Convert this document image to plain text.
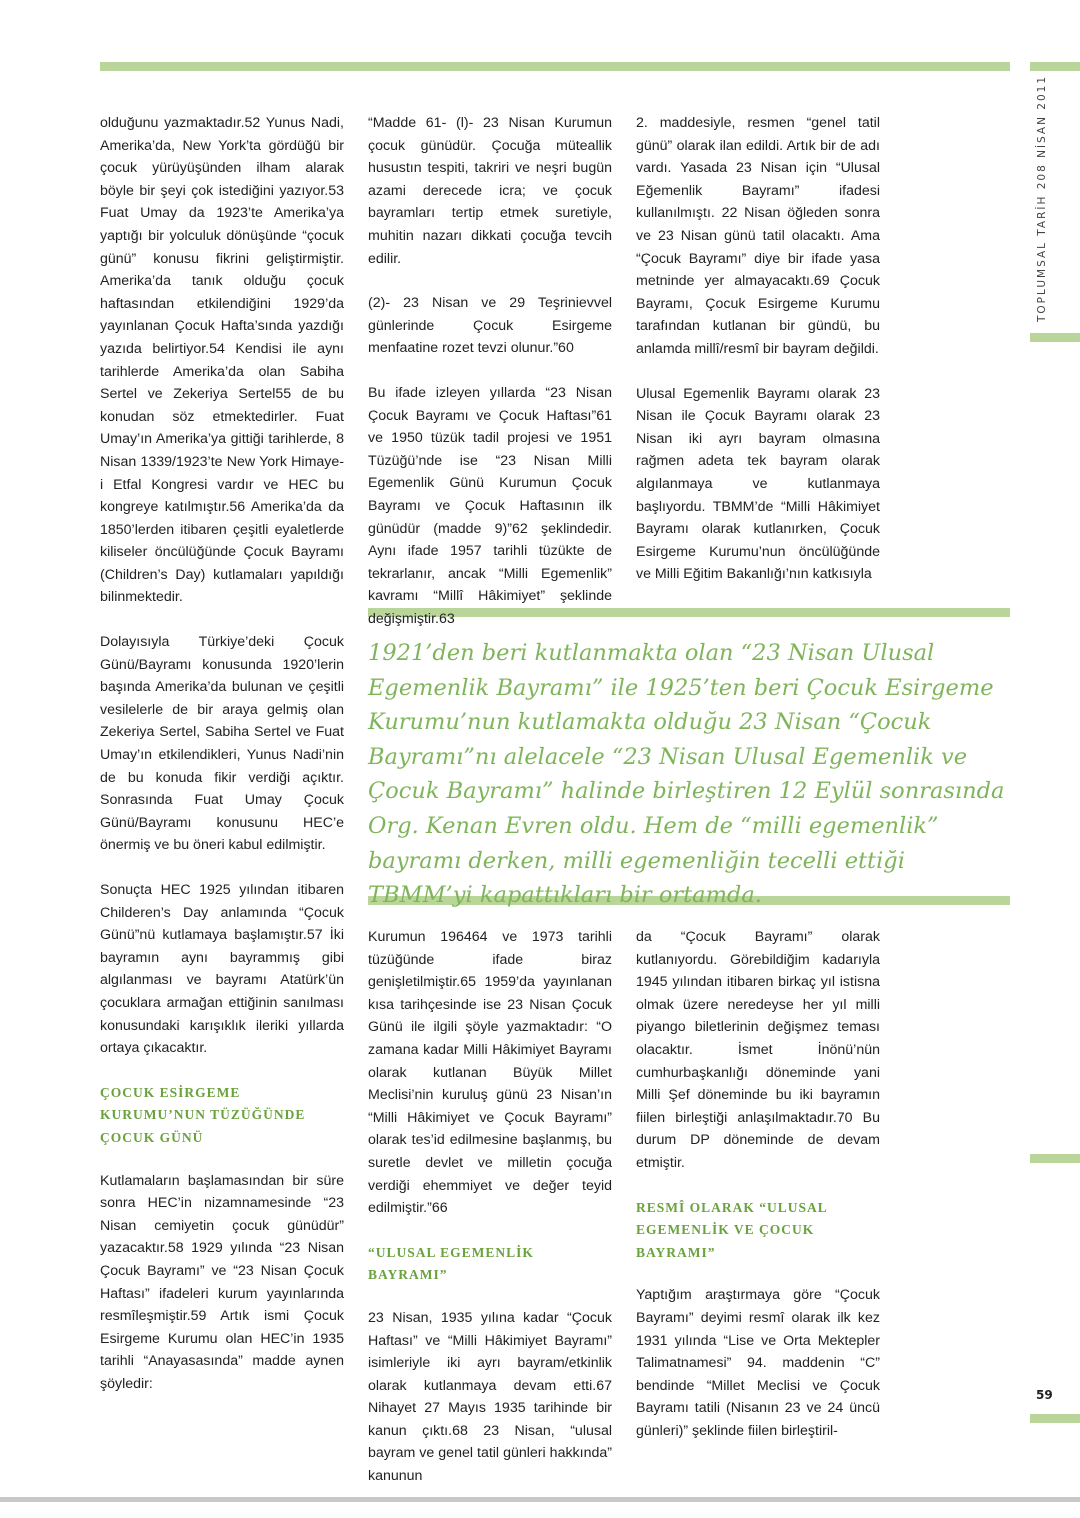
TOPLUMSAL TARİH 208 NİSAN 2011
59

olduğunu yazmaktadır.52 Yunus Nadi, Amerika’da, New York’ta gördüğü bir çocuk yürüyüşünden ilham alarak böyle bir şeyi çok istediğini yazıyor.53 Fuat Umay da 1923’te Amerika’ya yaptığı bir yolculuk dönüşünde “çocuk günü” konusu fikrini geliştirmiştir. Amerika’da tanık olduğu çocuk haftasından etkilendiğini 1929’da yayınlanan Çocuk Hafta’sında yazdığı yazıda belirtiyor.54 Kendisi ile aynı tarihlerde Amerika’da olan Sabiha Sertel ve Zekeriya Sertel55 de bu konudan söz etmektedirler. Fuat Umay’ın Amerika’ya gittiği tarihlerde, 8 Nisan 1339/1923’te New York Himaye-i Etfal Kongresi vardır ve HEC bu kongreye katılmıştır.56 Amerika’da da 1850’lerden itibaren çeşitli eyaletlerde kiliseler öncülüğünde Çocuk Bayramı (Children’s Day) kutlamaları yapıldığı bilinmektedir.

Dolayısıyla Türkiye’deki Çocuk Günü/Bayramı konusunda 1920’lerin başında Amerika’da bulunan ve çeşitli vesilelerle de bir araya gelmiş olan Zekeriya Sertel, Sabiha Sertel ve Fuat Umay’ın etkilendikleri, Yunus Nadi’nin de bu konuda fikir verdiği açıktır. Sonrasında Fuat Umay Çocuk Günü/Bayramı konusunu HEC’e önermiş ve bu öneri kabul edilmiştir.

Sonuçta HEC 1925 yılından itibaren Childeren’s Day anlamında “Çocuk Günü”nü kutlamaya başlamıştır.57 İki bayramın aynı bayrammış gibi algılanması ve bayramı Atatürk’ün çocuklara armağan ettiğinin sanılması konusundaki karışıklık ileriki yıllarda ortaya çıkacaktır.

ÇOCUK ESİRGEME KURUMU’NUN TÜZÜĞÜNDE ÇOCUK GÜNÜ

Kutlamaların başlamasından bir süre sonra HEC’in nizamnamesinde “23 Nisan cemiyetin çocuk günüdür” yazacaktır.58 1929 yılında “23 Nisan Çocuk Bayramı” ve “23 Nisan Çocuk Haftası” ifadeleri kurum yayınlarında resmîleşmiştir.59 Artık ismi Çocuk Esirgeme Kurumu olan HEC’in 1935 tarihli “Anayasasında” madde aynen şöyledir:

“Madde 61- (l)- 23 Nisan Kurumun çocuk günüdür. Çocuğa müteallik husustın tespiti, takriri ve neşri bugün azami derecede icra; ve çocuk bayramları tertip etmek suretiyle, muhitin nazarı dikkati çocuğa tevcih edilir.

(2)- 23 Nisan ve 29 Teşrinievvel günlerinde Çocuk Esirgeme menfaatine rozet tevzi olunur.”60

Bu ifade izleyen yıllarda “23 Nisan Çocuk Bayramı ve Çocuk Haftası”61 ve 1950 tüzük tadil projesi ve 1951 Tüzüğü’nde ise “23 Nisan Milli Egemenlik Günü Kurumun Çocuk Bayramı ve Çocuk Haftasının ilk günüdür (madde 9)”62 şeklindedir. Aynı ifade 1957 tarihli tüzükte de tekrarlanır, ancak “Milli Egemenlik” kavramı “Millî Hâkimiyet” şeklinde değişmiştir.63

2. maddesiyle, resmen “genel tatil günü” olarak ilan edildi. Artık bir de adı vardı. Yasada 23 Nisan için “Ulusal Eğemenlik Bayramı” ifadesi kullanılmıştı. 22 Nisan öğleden sonra ve 23 Nisan günü tatil olacaktı. Ama “Çocuk Bayramı” diye bir ifade yasa metninde yer almayacaktı.69 Çocuk Bayramı, Çocuk Esirgeme Kurumu tarafından kutlanan bir gündü, bu anlamda millî/resmî bir bayram değildi.

Ulusal Egemenlik Bayramı olarak 23 Nisan ile Çocuk Bayramı olarak 23 Nisan iki ayrı bayram olmasına rağmen adeta tek bayram olarak algılanmaya ve kutlanmaya başlıyordu. TBMM’de “Milli Hâkimiyet Bayramı olarak kutlanırken, Çocuk Esirgeme Kurumu’nun öncülüğünde ve Milli Eğitim Bakanlığı’nın katkısıyla

1921’den beri kutlanmakta olan “23 Nisan Ulusal Egemenlik Bayramı” ile 1925’ten beri Çocuk Esirgeme Kurumu’nun kutlamakta olduğu 23 Nisan “Çocuk Bayramı”nı alelacele “23 Nisan Ulusal Egemenlik ve Çocuk Bayramı” halinde birleştiren 12 Eylül sonrasında Org. Kenan Evren oldu. Hem de “milli egemenlik” bayramı derken, milli egemenliğin tecelli ettiği TBMM’yi kapattıkları bir ortamda.

Kurumun 196464 ve 1973 tarihli tüzüğünde ifade biraz genişletilmiştir.65 1959’da yayınlanan kısa tarihçesinde ise 23 Nisan Çocuk Günü ile ilgili şöyle yazmaktadır: “O zamana kadar Milli Hâkimiyet Bayramı olarak kutlanan Büyük Millet Meclisi’nin kuruluş günü 23 Nisan’ın “Milli Hâkimiyet ve Çocuk Bayramı” olarak tes’id edilmesine başlanmış, bu suretle devlet ve milletin çocuğa verdiği ehemmiyet ve değer teyid edilmiştir.”66

“ULUSAL EGEMENLİK BAYRAMI”

23 Nisan, 1935 yılına kadar “Çocuk Haftası” ve “Milli Hâkimiyet Bayramı” isimleriyle iki ayrı bayram/etkinlik olarak kutlanmaya devam etti.67 Nihayet 27 Mayıs 1935 tarihinde bir kanun çıktı.68 23 Nisan, “ulusal bayram ve genel tatil günleri hakkında” kanunun

da “Çocuk Bayramı” olarak kutlanıyordu. Görebildiğim kadarıyla 1945 yılından itibaren birkaç yıl istisna olmak üzere neredeyse her yıl milli piyango biletlerinin değişmez teması olacaktır. İsmet İnönü’nün cumhurbaşkanlığı döneminde yani Milli Şef döneminde bu iki bayramın fiilen birleştiği anlaşılmaktadır.70 Bu durum DP döneminde de devam etmiştir.

RESMÎ OLARAK “ULUSAL EGEMENLİK VE ÇOCUK BAYRAMI”

Yaptığım araştırmaya göre “Çocuk Bayramı” deyimi resmî olarak ilk kez 1931 yılında “Lise ve Orta Mektepler Talimatnamesi” 94. maddenin “C” bendinde “Millet Meclisi ve Çocuk Bayramı tatili (Nisanın 23 ve 24 üncü günleri)” şeklinde fiilen birleştiril-
